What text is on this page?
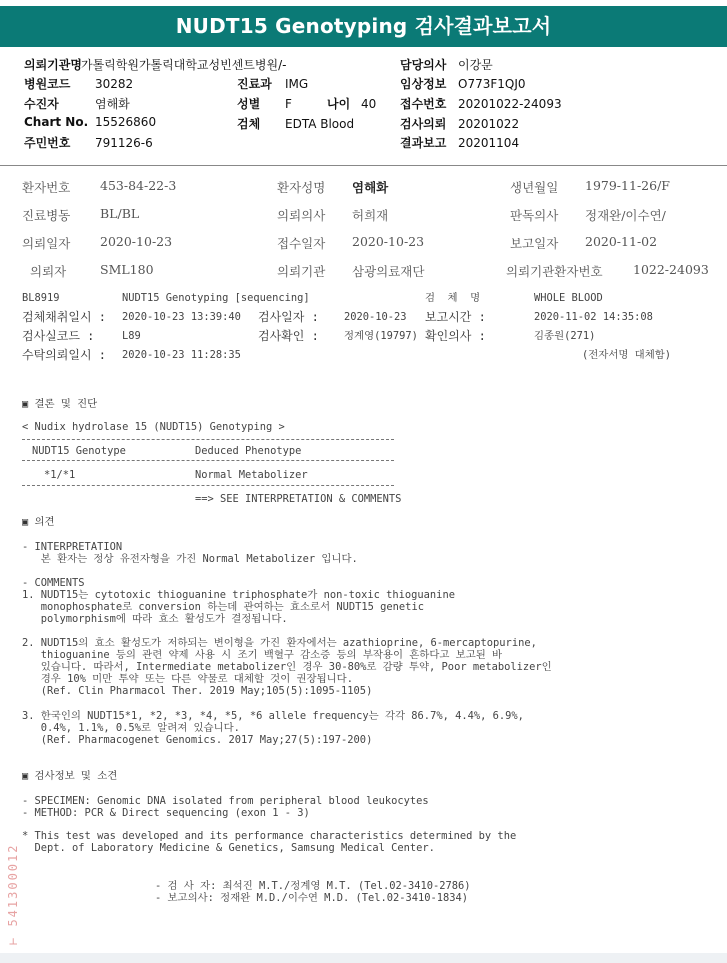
NUDT15 Genotyping 검사결과보고서
의뢰기관명가톨릭학원가톨릭대학교성빈센트병원/-	담당의사 이강문
병원코드 30282	진료과 IMG	임상정보 O773F1QJ0
수진자	염해화	성별 F	나이 40 접수번호 20201022-24093
Chart No. 15526860	검체 EDTA Blood	검사의뢰 20201022
주민번호 791126-6	결과보고 20201104
환자번호 453-84-22-3	환자성명 염해화	생년월일 1979-11-26/F
진료병동 BL/BL	의뢰의사 허희재	판독의사 정재완/이수연/
의뢰일자 2020-10-23	접수일자 2020-10-23	보고일자 2020-11-02
의뢰자	SML180	의뢰기관 삼광의료재단	의뢰기관환자번호 1022-24093
BL8919	NUDT15 Genotyping [sequencing]	검  체  명	WHOLE BLOOD
검체채취일시 : 2020-10-23 13:39:40 검사일자 : 2020-10-23 보고시간 :	2020-11-02 14:35:08
검사실코드 :	L89	검사확인 : 정계영(19797) 확인의사 :	김종원(271)
수탁의뢰일시 : 2020-10-23 11:28:35	(전자서명 대체함)
▣ 결론 및 진단
< Nudix hydrolase 15 (NUDT15) Genotyping >
NUDT15 Genotype	Deduced Phenotype
*1/*1	Normal Metabolizer
==> SEE INTERPRETATION & COMMENTS
▣ 의견
- INTERPRETATION
본 환자는 정상 유전자형을 가진 Normal Metabolizer 입니다.
- COMMENTS
1. NUDT15는 cytotoxic thioguanine triphosphate가 non-toxic thioguanine
monophosphate로 conversion 하는데 관여하는 효소로서 NUDT15 genetic
polymorphism에 따라 효소 활성도가 결정됩니다.
2. NUDT15의 효소 활성도가 저하되는 변이형을 가진 환자에서는 azathioprine, 6-mercaptopurine,
thioguanine 등의 관련 약제 사용 시 조기 백혈구 감소증 등의 부작용이 흔하다고 보고된 바
있습니다. 따라서, Intermediate metabolizer인 경우 30-80%로 감량 투약, Poor metabolizer인
경우 10% 미만 투약 또는 다른 약물로 대체할 것이 권장됩니다.
(Ref. Clin Pharmacol Ther. 2019 May;105(5):1095-1105)
3. 한국인의 NUDT15*1, *2, *3, *4, *5, *6 allele frequency는 각각 86.7%, 4.4%, 6.9%,
0.4%, 1.1%, 0.5%로 알려져 있습니다.
(Ref. Pharmacogenet Genomics. 2017 May;27(5):197-200)
▣ 검사정보 및 소견
- SPECIMEN: Genomic DNA isolated from peripheral blood leukocytes
- METHOD: PCR & Direct sequencing (exon 1 - 3)
* This test was developed and its performance characteristics determined by the
Dept. of Laboratory Medicine & Genetics, Samsung Medical Center.
- 검 사 자: 최석진 M.T./정계영 M.T. (Tel.02-3410-2786)
- 보고의사: 정재완 M.D./이수연 M.D. (Tel.02-3410-1834)
⊢ 541300012
